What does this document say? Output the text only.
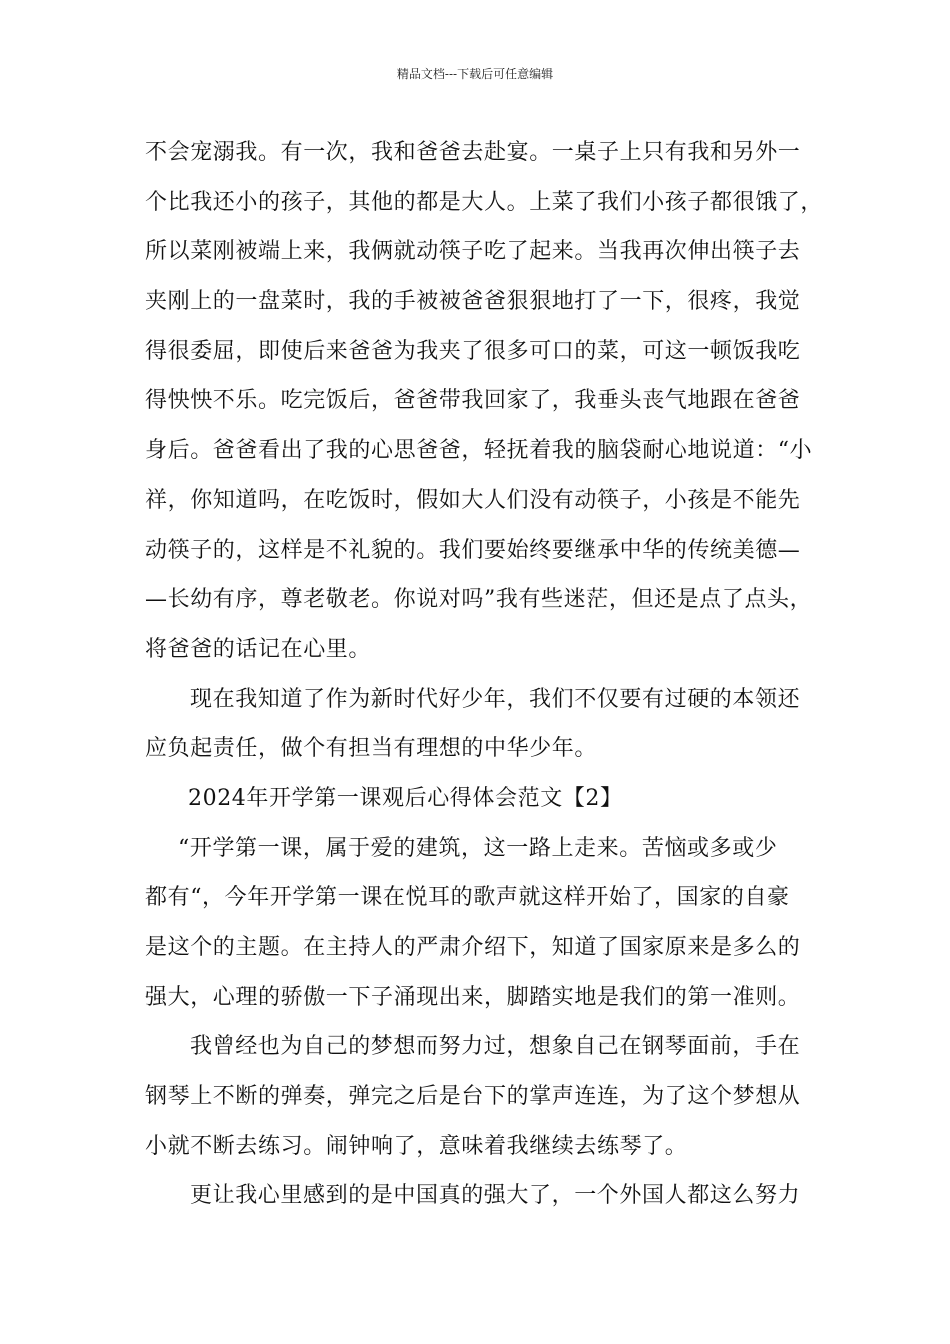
精品文档---下载后可任意编辑
不会宠溺我。有一次，我和爸爸去赴宴。一桌子上只有我和另外一
个比我还小的孩子，其他的都是大人。上菜了我们小孩子都很饿了，
所以菜刚被端上来，我俩就动筷子吃了起来。当我再次伸出筷子去
夹刚上的一盘菜时，我的手被被爸爸狠狠地打了一下，很疼，我觉
得很委屈，即使后来爸爸为我夹了很多可口的菜，可这一顿饭我吃
得怏怏不乐。吃完饭后，爸爸带我回家了，我垂头丧气地跟在爸爸
身后。爸爸看出了我的心思爸爸，轻抚着我的脑袋耐心地说道：“小
祥，你知道吗，在吃饭时，假如大人们没有动筷子，小孩是不能先
动筷子的，这样是不礼貌的。我们要始终要继承中华的传统美德—
—长幼有序，尊老敬老。你说对吗”我有些迷茫，但还是点了点头，
将爸爸的话记在心里。
现在我知道了作为新时代好少年，我们不仅要有过硬的本领还
应负起责任，做个有担当有理想的中华少年。
2024年开学第一课观后心得体会范文【2】
“开学第一课，属于爱的建筑，这一路上走来。苦恼或多或少
都有“，今年开学第一课在悦耳的歌声就这样开始了，国家的自豪
是这个的主题。在主持人的严肃介绍下，知道了国家原来是多么的
强大，心理的骄傲一下子涌现出来，脚踏实地是我们的第一准则。
我曾经也为自己的梦想而努力过，想象自己在钢琴面前，手在
钢琴上不断的弹奏，弹完之后是台下的掌声连连，为了这个梦想从
小就不断去练习。闹钟响了，意味着我继续去练琴了。
更让我心里感到的是中国真的强大了，一个外国人都这么努力
